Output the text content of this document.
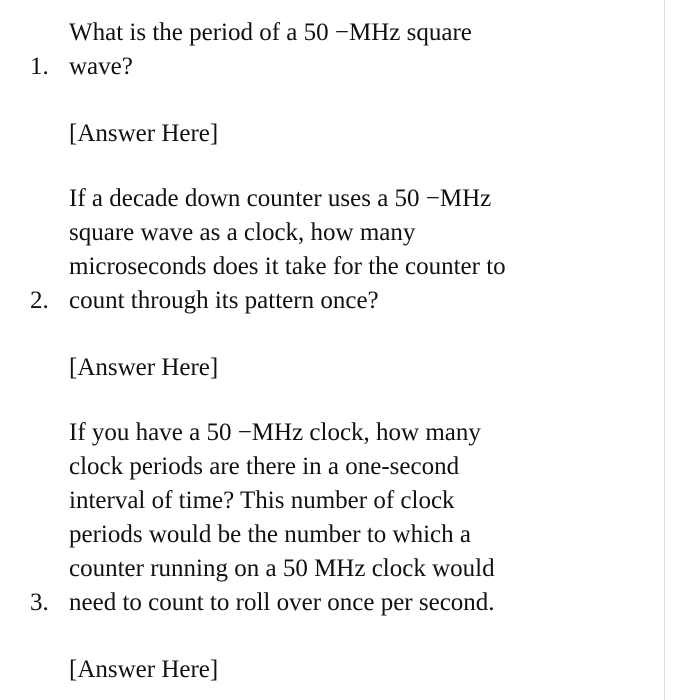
What is the period of a 50 −MHz square
wave?
1.
[Answer Here]
If a decade down counter uses a 50 −MHz
square wave as a clock, how many
microseconds does it take for the counter to
count through its pattern once?
2.
[Answer Here]
If you have a 50 −MHz clock, how many
clock periods are there in a one-second
interval of time? This number of clock
periods would be the number to which a
counter running on a 50 MHz clock would
need to count to roll over once per second.
3.
[Answer Here]
